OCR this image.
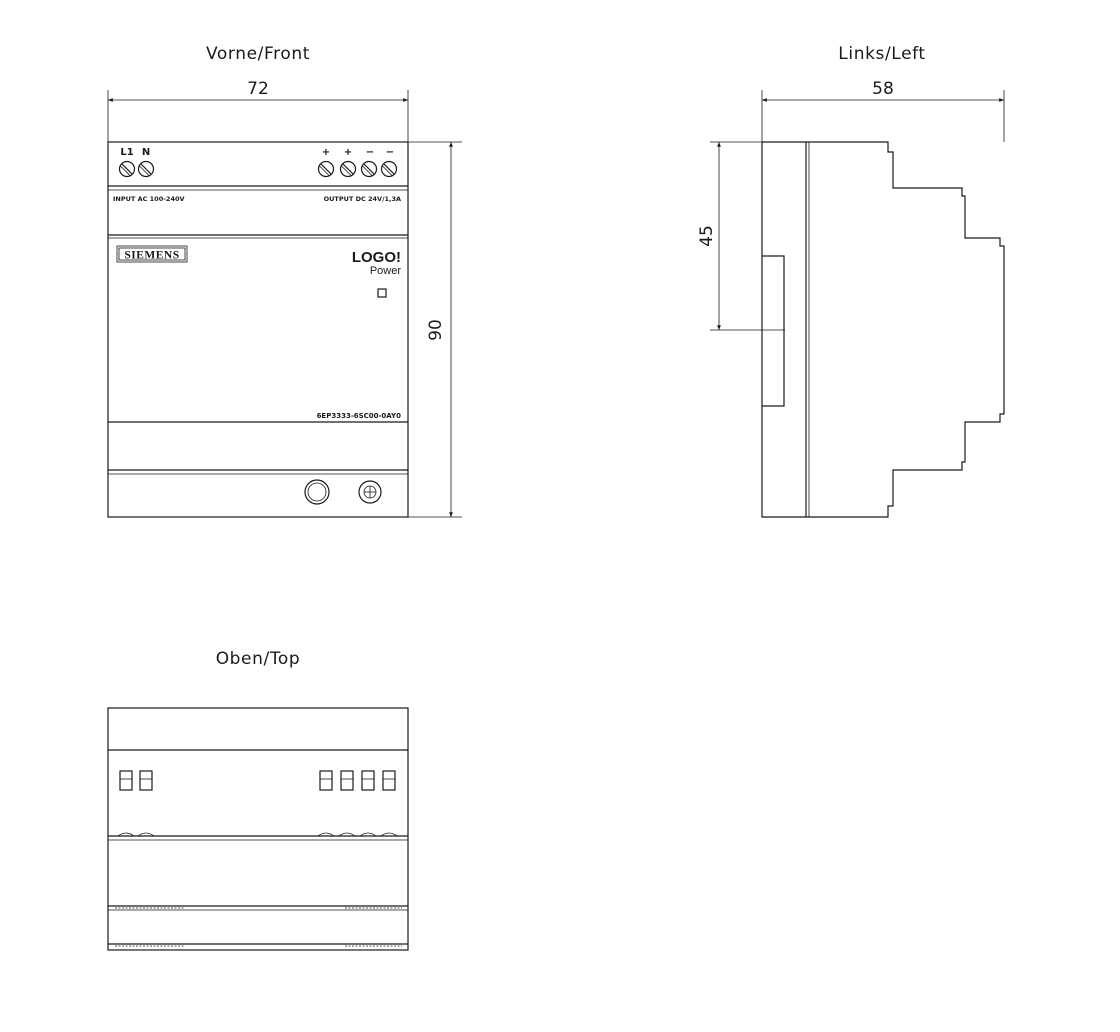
Vorne/Front
72
90
L1 N	+ + − −
INPUT AC 100-240V	OUTPUT DC 24V/1,3A
SIEMENS	LOGO!
Power
6EP3333-6SC00-0AY0
Links/Left
58
45
Oben/Top
